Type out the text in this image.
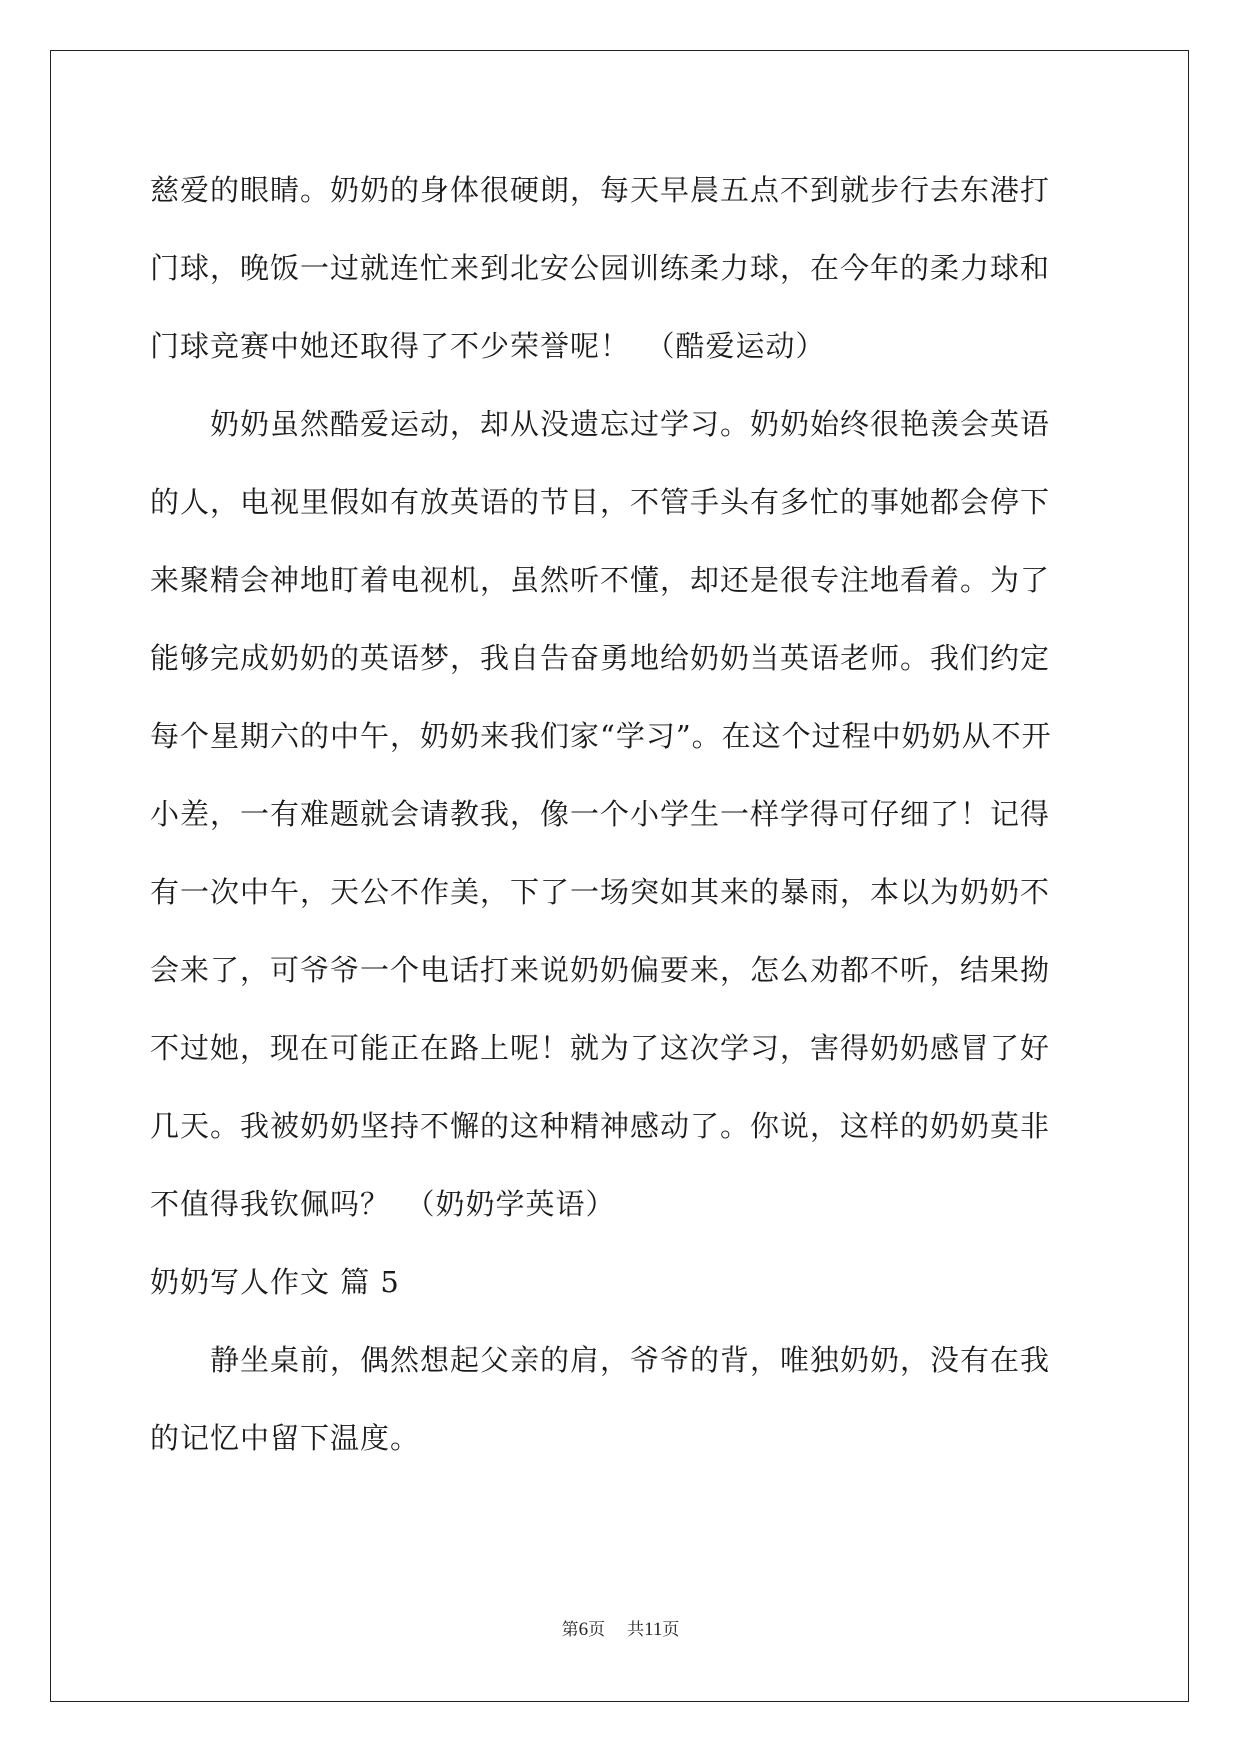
慈爱的眼睛。奶奶的身体很硬朗，每天早晨五点不到就步行去东港打
门球，晚饭一过就连忙来到北安公园训练柔力球，在今年的柔力球和
门球竞赛中她还取得了不少荣誉呢！　（酷爱运动）
　　奶奶虽然酷爱运动，却从没遗忘过学习。奶奶始终很艳羡会英语
的人，电视里假如有放英语的节目，不管手头有多忙的事她都会停下
来聚精会神地盯着电视机，虽然听不懂，却还是很专注地看着。为了
能够完成奶奶的英语梦，我自告奋勇地给奶奶当英语老师。我们约定
每个星期六的中午，奶奶来我们家“学习”。在这个过程中奶奶从不开
小差，一有难题就会请教我，像一个小学生一样学得可仔细了！记得
有一次中午，天公不作美，下了一场突如其来的暴雨，本以为奶奶不
会来了，可爷爷一个电话打来说奶奶偏要来，怎么劝都不听，结果拗
不过她，现在可能正在路上呢！就为了这次学习，害得奶奶感冒了好
几天。我被奶奶坚持不懈的这种精神感动了。你说，这样的奶奶莫非
不值得我钦佩吗？　（奶奶学英语）
奶奶写人作文 篇 5
　　静坐桌前，偶然想起父亲的肩，爷爷的背，唯独奶奶，没有在我
的记忆中留下温度。
第6页 共11页
